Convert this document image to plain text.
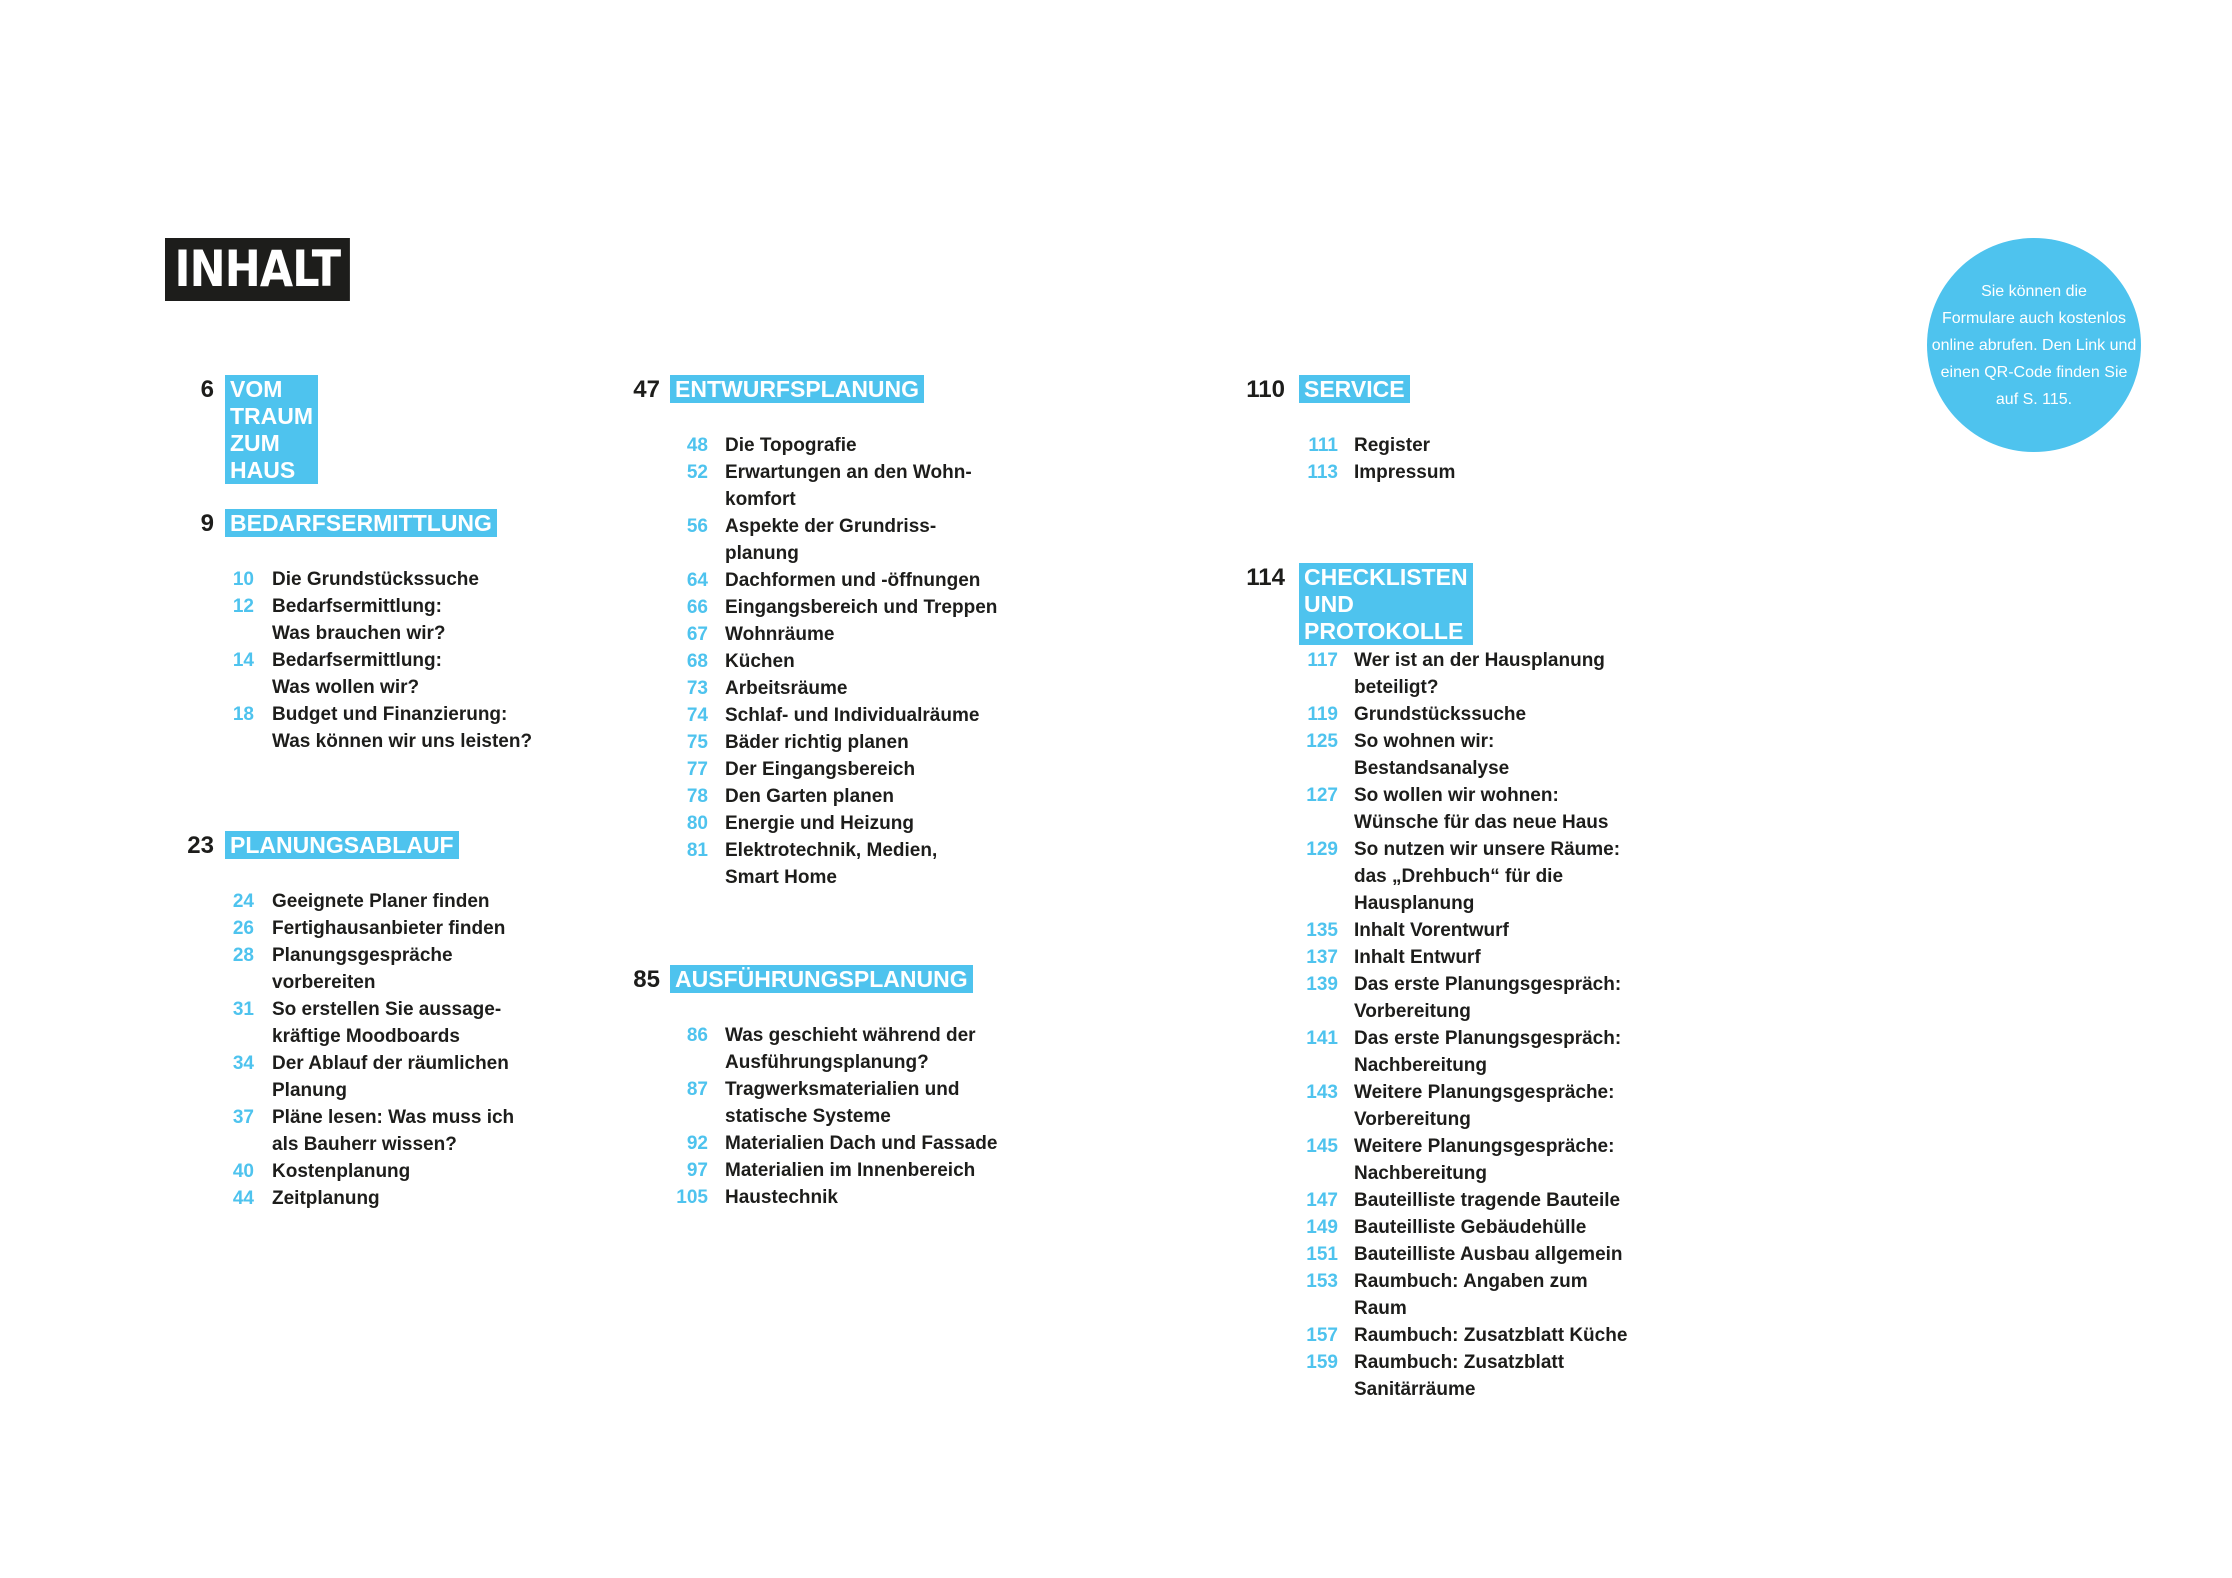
INHALT
6 VOM TRAUM ZUM HAUS
9 BEDARFSERMITTLUNG
10 Die Grundstückssuche
12 Bedarfsermittlung:
Was brauchen wir?
14 Bedarfsermittlung:
Was wollen wir?
18 Budget und Finanzierung:
Was können wir uns leisten?
23 PLANUNGSABLAUF
24 Geeignete Planer finden
26 Fertighausanbieter finden
28 Planungsgespräche
vorbereiten
31 So erstellen Sie aussage-
kräftige Moodboards
34 Der Ablauf der räumlichen
Planung
37 Pläne lesen: Was muss ich
als Bauherr wissen?
40 Kostenplanung
44 Zeitplanung
47 ENTWURFSPLANUNG
48 Die Topografie
52 Erwartungen an den Wohn-
komfort
56 Aspekte der Grundriss-
planung
64 Dachformen und -öffnungen
66 Eingangsbereich und Treppen
67 Wohnräume
68 Küchen
73 Arbeitsräume
74 Schlaf- und Individualräume
75 Bäder richtig planen
77 Der Eingangsbereich
78 Den Garten planen
80 Energie und Heizung
81 Elektrotechnik, Medien,
Smart Home
85 AUSFÜHRUNGSPLANUNG
86 Was geschieht während der
Ausführungsplanung?
87 Tragwerksmaterialien und
statische Systeme
92 Materialien Dach und Fassade
97 Materialien im Innenbereich
105 Haustechnik
110 SERVICE
111 Register
113 Impressum
114 CHECKLISTEN UND
PROTOKOLLE
117 Wer ist an der Hausplanung
beteiligt?
119 Grundstückssuche
125 So wohnen wir:
Bestandsanalyse
127 So wollen wir wohnen:
Wünsche für das neue Haus
129 So nutzen wir unsere Räume:
das „Drehbuch“ für die
Hausplanung
135 Inhalt Vorentwurf
137 Inhalt Entwurf
139 Das erste Planungsgespräch:
Vorbereitung
141 Das erste Planungsgespräch:
Nachbereitung
143 Weitere Planungsgespräche:
Vorbereitung
145 Weitere Planungsgespräche:
Nachbereitung
147 Bauteilliste tragende Bauteile
149 Bauteilliste Gebäudehülle
151 Bauteilliste Ausbau allgemein
153 Raumbuch: Angaben zum
Raum
157 Raumbuch: Zusatzblatt Küche
159 Raumbuch: Zusatzblatt
Sanitärräume
Sie können die
Formulare auch kostenlos
online abrufen. Den Link und
einen QR-Code finden Sie
auf S. 115.
